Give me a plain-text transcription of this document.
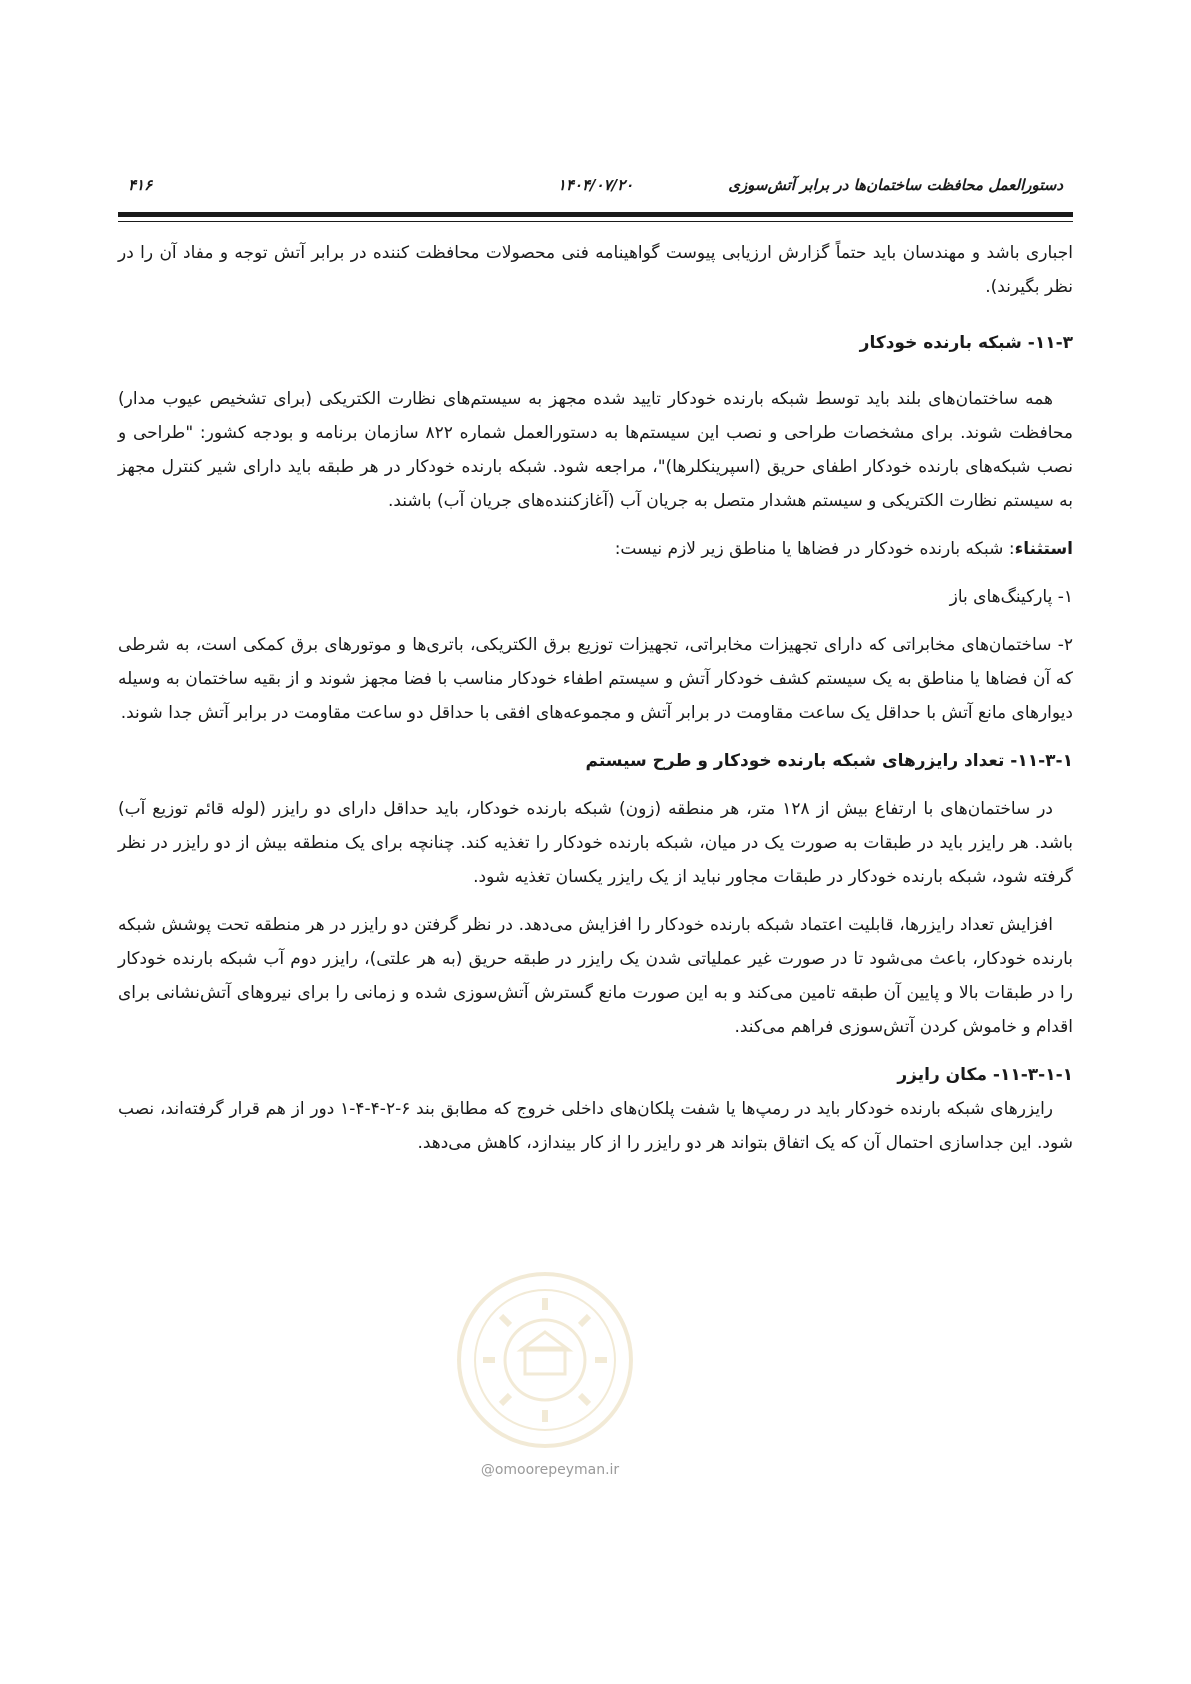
دستورالعمل محافظت ساختمان‌ها در برابر آتش‌سوزی
۱۴۰۴/۰۷/۲۰
۴۱۶

اجباری باشد و مهندسان باید حتماً گزارش ارزیابی پیوست گواهینامه فنی محصولات محافظت کننده در برابر آتش توجه و مفاد آن را در نظر بگیرند).

۱۱-۳- شبکه بارنده خودکار

همه ساختمان‌های بلند باید توسط شبکه بارنده خودکار تایید شده مجهز به سیستم‌های نظارت الکتریکی (برای تشخیص عیوب مدار) محافظت شوند. برای مشخصات طراحی و نصب این سیستم‌ها به دستورالعمل شماره ۸۲۲ سازمان برنامه و بودجه کشور: "طراحی و نصب شبکه‌های بارنده خودکار اطفای حریق (اسپرینکلرها)"، مراجعه شود. شبکه بارنده خودکار در هر طبقه باید دارای شیر کنترل مجهز به سیستم نظارت الکتریکی و سیستم هشدار متصل به جریان آب (آغازکننده‌های جریان آب) باشند.

استثناء: شبکه بارنده خودکار در فضاها یا مناطق زیر لازم نیست:

۱- پارکینگ‌های باز

۲- ساختمان‌های مخابراتی که دارای تجهیزات مخابراتی، تجهیزات توزیع برق الکتریکی، باتری‌ها و موتورهای برق کمکی است، به شرطی که آن فضاها یا مناطق به یک سیستم کشف خودکار آتش و سیستم اطفاء خودکار مناسب با فضا مجهز شوند و از بقیه ساختمان به وسیله دیوارهای مانع آتش با حداقل یک ساعت مقاومت در برابر آتش و مجموعه‌های افقی با حداقل دو ساعت مقاومت در برابر آتش جدا شوند.

۱۱-۳-۱- تعداد رایزرهای شبکه بارنده خودکار و طرح سیستم

در ساختمان‌های با ارتفاع بیش از ۱۲۸ متر، هر منطقه (زون) شبکه بارنده خودکار، باید حداقل دارای دو رایزر (لوله قائم توزیع آب) باشد. هر رایزر باید در طبقات به صورت یک در میان، شبکه بارنده خودکار را تغذیه کند. چنانچه برای یک منطقه بیش از دو رایزر در نظر گرفته شود، شبکه بارنده خودکار در طبقات مجاور نباید از یک رایزر یکسان تغذیه شود.

افزایش تعداد رایزرها، قابلیت اعتماد شبکه بارنده خودکار را افزایش می‌دهد. در نظر گرفتن دو رایزر در هر منطقه تحت پوشش شبکه بارنده خودکار، باعث می‌شود تا در صورت غیر عملیاتی شدن یک رایزر در طبقه حریق (به هر علتی)، رایزر دوم آب شبکه بارنده خودکار را در طبقات بالا و پایین آن طبقه تامین می‌کند و به این صورت مانع گسترش آتش‌سوزی شده و زمانی را برای نیروهای آتش‌نشانی برای اقدام و خاموش کردن آتش‌سوزی فراهم می‌کند.

۱۱-۳-۱-۱- مکان رایزر

رایزرهای شبکه بارنده خودکار باید در رمپ‌ها یا شفت پلکان‌های داخلی خروج که مطابق بند ۶-۲-۴-۴-۱ دور از هم قرار گرفته‌اند، نصب شود. این جداسازی احتمال آن که یک اتفاق بتواند هر دو رایزر را از کار بیندازد، کاهش می‌دهد.

@omoorepeyman.ir
